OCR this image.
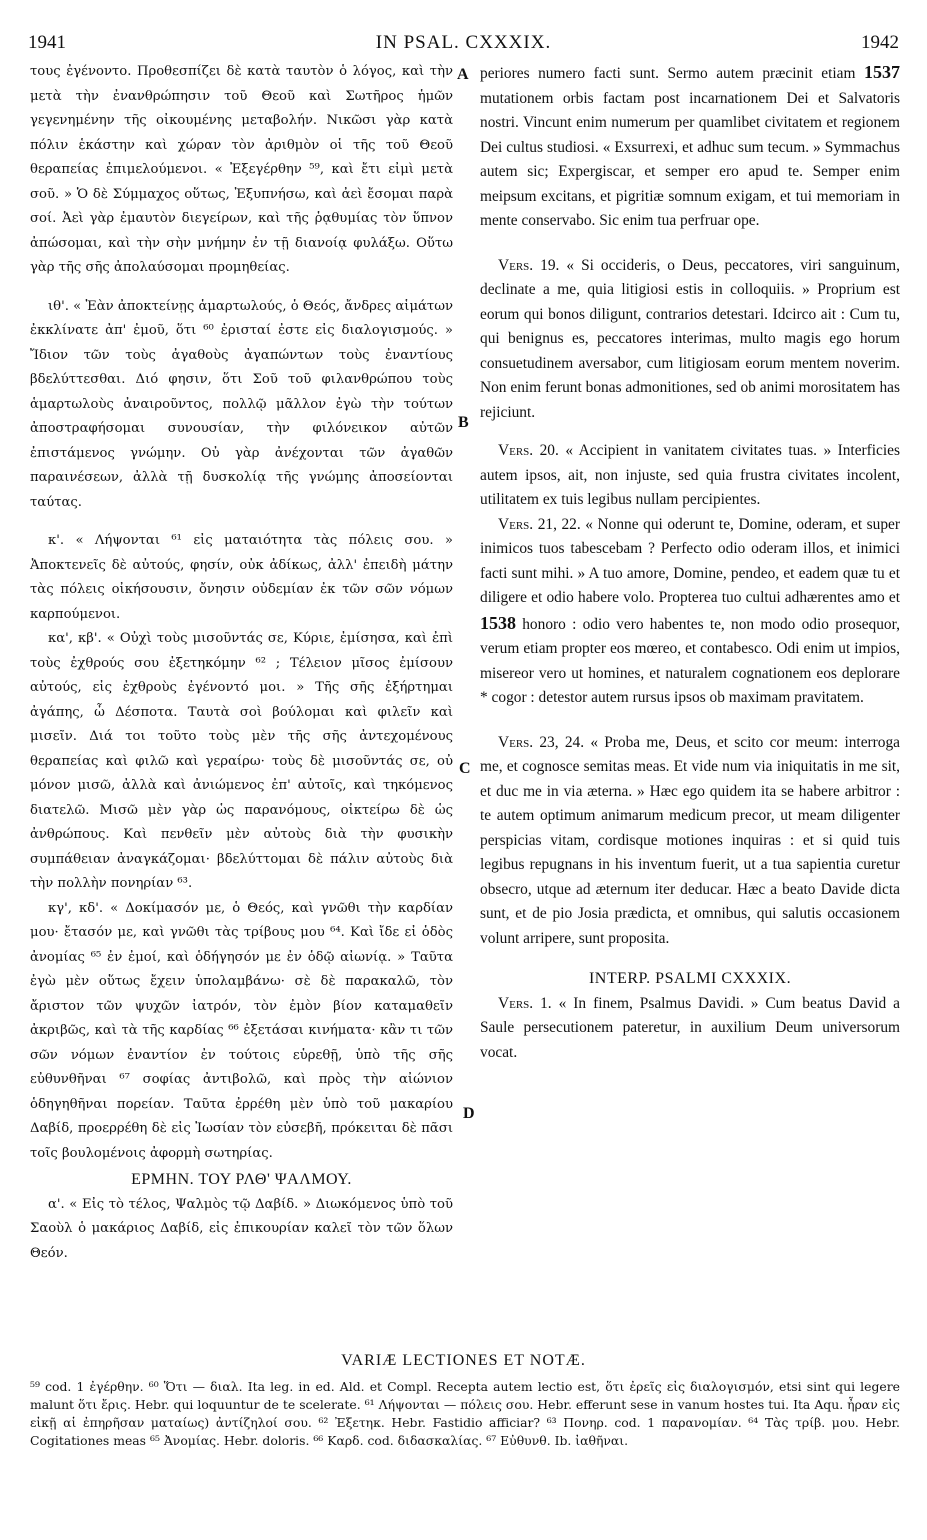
1941	IN PSAL. CXXXIX.	1942
A
B
C
D

τους ἐγένοντο. Προθεσπίζει δὲ κατὰ ταυτὸν ὁ λόγος, καὶ τὴν μετὰ τὴν ἐνανθρώπησιν τοῦ Θεοῦ καὶ Σωτῆρος ἡμῶν γεγενημένην τῆς οἰκουμένης μεταβολήν. Νικῶσι γὰρ κατὰ πόλιν ἑκάστην καὶ χώραν τὸν ἀριθμὸν οἱ τῆς τοῦ Θεοῦ θεραπείας ἐπιμελούμενοι. « Ἐξεγέρθην ⁵⁹, καὶ ἔτι εἰμὶ μετὰ σοῦ. » Ὁ δὲ Σύμμαχος οὕτως, Ἐξυπνήσω, καὶ ἀεὶ ἔσομαι παρὰ σοί. Ἀεὶ γὰρ ἐμαυτὸν διεγείρων, καὶ τῆς ῥᾳθυμίας τὸν ὕπνον ἀπώσομαι, καὶ τὴν σὴν μνήμην ἐν τῇ διανοίᾳ φυλάξω. Οὕτω γὰρ τῆς σῆς ἀπολαύσομαι προμηθείας.

ιθ'. « Ἐὰν ἀποκτείνῃς ἁμαρτωλούς, ὁ Θεός, ἄνδρες αἱμάτων ἐκκλίνατε ἀπ' ἐμοῦ, ὅτι ⁶⁰ ἐρισταί ἐστε εἰς διαλογισμούς. » Ἴδιον τῶν τοὺς ἀγαθοὺς ἀγαπώντων τοὺς ἐναντίους βδελύττεσθαι. Διό φησιν, ὅτι Σοῦ τοῦ φιλανθρώπου τοὺς ἁμαρτωλοὺς ἀναιροῦντος, πολλῷ μᾶλλον ἐγὼ τὴν τούτων ἀποστραφήσομαι συνουσίαν, τὴν φιλόνεικον αὐτῶν ἐπιστάμενος γνώμην. Οὐ γὰρ ἀνέχονται τῶν ἀγαθῶν παραινέσεων, ἀλλὰ τῇ δυσκολίᾳ τῆς γνώμης ἀποσείονται ταύτας.

κ'. « Λήψονται ⁶¹ εἰς ματαιότητα τὰς πόλεις σου. » Ἀποκτενεῖς δὲ αὐτούς, φησίν, οὐκ ἀδίκως, ἀλλ' ἐπειδὴ μάτην τὰς πόλεις οἰκήσουσιν, ὄνησιν οὐδεμίαν ἐκ τῶν σῶν νόμων καρπούμενοι.

κα', κβ'. « Οὐχὶ τοὺς μισοῦντάς σε, Κύριε, ἐμίσησα, καὶ ἐπὶ τοὺς ἐχθρούς σου ἐξετηκόμην ⁶² ; Τέλειον μῖσος ἐμίσουν αὐτούς, εἰς ἐχθροὺς ἐγένοντό μοι. » Τῆς σῆς ἐξήρτημαι ἀγάπης, ὦ Δέσποτα. Ταυτὰ σοὶ βούλομαι καὶ φιλεῖν καὶ μισεῖν. Διά τοι τοῦτο τοὺς μὲν τῆς σῆς ἀντεχομένους θεραπείας καὶ φιλῶ καὶ γεραίρω· τοὺς δὲ μισοῦντάς σε, οὐ μόνον μισῶ, ἀλλὰ καὶ ἀνιώμενος ἐπ' αὐτοῖς, καὶ τηκόμενος διατελῶ. Μισῶ μὲν γὰρ ὡς παρανόμους, οἰκτείρω δὲ ὡς ἀνθρώπους. Καὶ πενθεῖν μὲν αὐτοὺς διὰ τὴν φυσικὴν συμπάθειαν ἀναγκάζομαι· βδελύττομαι δὲ πάλιν αὐτοὺς διὰ τὴν πολλὴν πονηρίαν ⁶³.

κγ', κδ'. « Δοκίμασόν με, ὁ Θεός, καὶ γνῶθι τὴν καρδίαν μου· ἔτασόν με, καὶ γνῶθι τὰς τρίβους μου ⁶⁴. Καὶ ἴδε εἰ ὁδὸς ἀνομίας ⁶⁵ ἐν ἐμοί, καὶ ὁδήγησόν με ἐν ὁδῷ αἰωνίᾳ. » Ταῦτα ἐγὼ μὲν οὕτως ἔχειν ὑπολαμβάνω· σὲ δὲ παρακαλῶ, τὸν ἄριστον τῶν ψυχῶν ἰατρόν, τὸν ἐμὸν βίον καταμαθεῖν ἀκριβῶς, καὶ τὰ τῆς καρδίας ⁶⁶ ἐξετάσαι κινήματα· κἂν τι τῶν σῶν νόμων ἐναντίον ἐν τούτοις εὑρεθῇ, ὑπὸ τῆς σῆς εὐθυνθῆναι ⁶⁷ σοφίας ἀντιβολῶ, καὶ πρὸς τὴν αἰώνιον ὁδηγηθῆναι πορείαν. Ταῦτα ἐρρέθη μὲν ὑπὸ τοῦ μακαρίου Δαβίδ, προερρέθη δὲ εἰς Ἰωσίαν τὸν εὐσεβῆ, πρόκειται δὲ πᾶσι τοῖς βουλομένοις ἀφορμὴ σωτηρίας.

ΕΡΜΗΝ. ΤΟΥ ΡΛΘ' ΨΑΛΜΟΥ.

α'. « Εἰς τὸ τέλος, Ψαλμὸς τῷ Δαβίδ. » Διωκόμενος ὑπὸ τοῦ Σαοὺλ ὁ μακάριος Δαβίδ, εἰς ἐπικουρίαν καλεῖ τὸν τῶν ὅλων Θεόν.

periores numero facti sunt. Sermo autem præcinit etiam 1537 mutationem orbis factam post incarnationem Dei et Salvatoris nostri. Vincunt enim numerum per quamlibet civitatem et regionem Dei cultus studiosi. « Exsurrexi, et adhuc sum tecum. » Symmachus autem sic; Expergiscar, et semper ero apud te. Semper enim meipsum excitans, et pigritiæ somnum exigam, et tui memoriam in mente conservabo. Sic enim tua perfruar ope.

Vers. 19. « Si occideris, o Deus, peccatores, viri sanguinum, declinate a me, quia litigiosi estis in colloquiis. » Proprium est eorum qui bonos diligunt, contrarios detestari. Idcirco ait : Cum tu, qui benignus es, peccatores interimas, multo magis ego horum consuetudinem aversabor, cum litigiosam eorum mentem noverim. Non enim ferunt bonas admonitiones, sed ob animi morositatem has rejiciunt.

Vers. 20. « Accipient in vanitatem civitates tuas. » Interficies autem ipsos, ait, non injuste, sed quia frustra civitates incolent, utilitatem ex tuis legibus nullam percipientes.

Vers. 21, 22. « Nonne qui oderunt te, Domine, oderam, et super inimicos tuos tabescebam ? Perfecto odio oderam illos, et inimici facti sunt mihi. » A tuo amore, Domine, pendeo, et eadem quæ tu et diligere et odio habere volo. Propterea tuo cultui adhærentes amo et 1538 honoro : odio vero habentes te, non modo odio prosequor, verum etiam propter eos mœreo, et contabesco. Odi enim ut impios, misereor vero ut homines, et naturalem cognationem eos deplorare * cogor : detestor autem rursus ipsos ob maximam pravitatem.

Vers. 23, 24. « Proba me, Deus, et scito cor meum: interroga me, et cognosce semitas meas. Et vide num via iniquitatis in me sit, et duc me in via æterna. » Hæc ego quidem ita se habere arbitror : te autem optimum animarum medicum precor, ut meam diligenter perspicias vitam, cordisque motiones inquiras : et si quid tuis legibus repugnans in his inventum fuerit, ut a tua sapientia curetur obsecro, utque ad æternum iter deducar. Hæc a beato Davide dicta sunt, et de pio Josia prædicta, et omnibus, qui salutis occasionem volunt arripere, sunt proposita.

INTERP. PSALMI CXXXIX.

Vers. 1. « In finem, Psalmus Davidi. » Cum beatus David a Saule persecutionem pateretur, in auxilium Deum universorum vocat.

VARIÆ LECTIONES ET NOTÆ.
⁵⁹ cod. 1 ἐγέρθην. ⁶⁰ Ὅτι — διαλ. Ita leg. in ed. Ald. et Compl. Recepta autem lectio est, ὅτι ἐρεῖς εἰς διαλογισμόν, etsi sint qui legere malunt ὅτι ἔρις. Hebr. qui loquuntur de te scelerate. ⁶¹ Λήψονται — πόλεις σου. Hebr. efferunt sese in vanum hostes tui. Ita Aqu. ἦραν εἰς εἰκῇ αἱ ἐπηρῆσαν ματαίως) ἀντίζηλοί σου. ⁶² Ἐξετηκ. Hebr. Fastidio afficiar? ⁶³ Πονηρ. cod. 1 παρανομίαν. ⁶⁴ Τὰς τρίβ. μου. Hebr. Cogitationes meas ⁶⁵ Ἀνομίας. Hebr. doloris. ⁶⁶ Καρδ. cod. διδασκαλίας. ⁶⁷ Εὐθυνθ. Ib. ἰαθῆναι.
